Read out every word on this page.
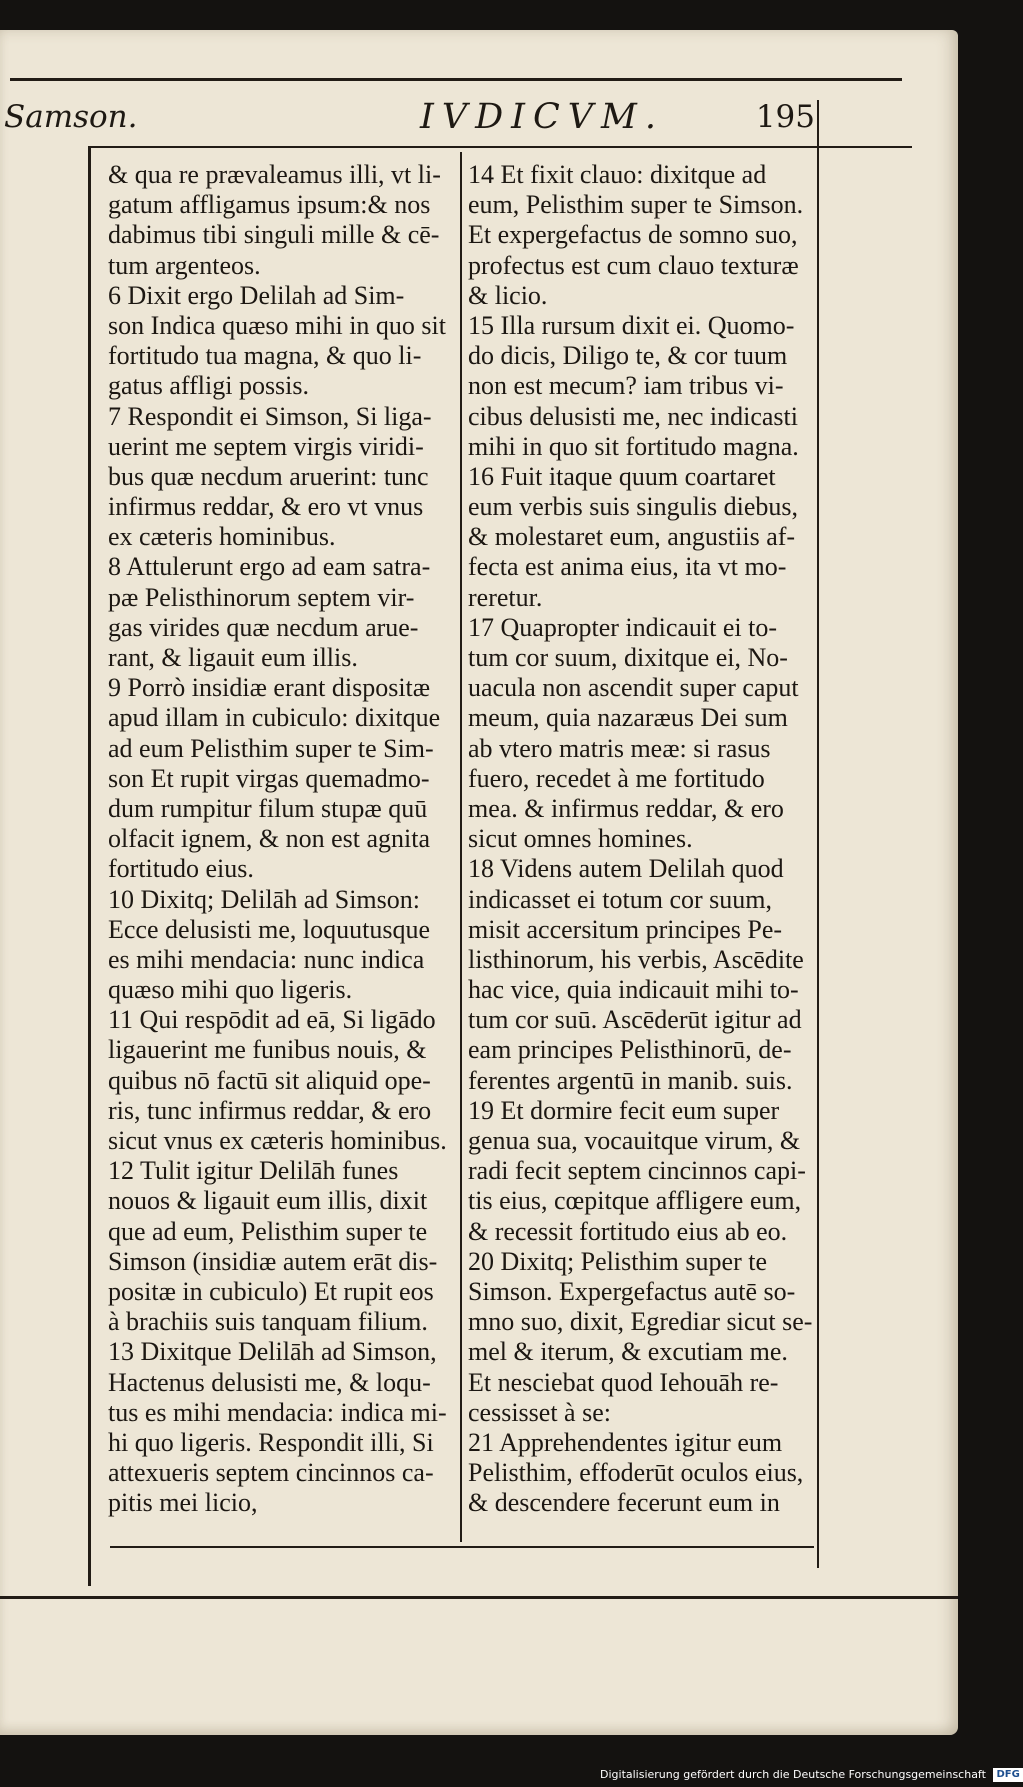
Samson.	IVDICVM.	195
& qua re prævaleamus illi, vt li-
gatum affligamus ipsum:& nos
dabimus tibi singuli mille & cē-
tum argenteos.
6 Dixit ergo Delilah ad Sim-
son Indica quæso mihi in quo sit
fortitudo tua magna, & quo li-
gatus affligi possis.
7 Respondit ei Simson, Si liga-
uerint me septem virgis viridi-
bus quæ necdum aruerint: tunc
infirmus reddar, & ero vt vnus
ex cæteris hominibus.
8 Attulerunt ergo ad eam satra-
pæ Pelisthinorum septem vir-
gas virides quæ necdum arue-
rant, & ligauit eum illis.
9 Porrò insidiæ erant dispositæ
apud illam in cubiculo: dixitque
ad eum Pelisthim super te Sim-
son Et rupit virgas quemadmo-
dum rumpitur filum stupæ quū
olfacit ignem, & non est agnita
fortitudo eius.
10 Dixitq; Delilāh ad Simson:
Ecce delusisti me, loquutusque
es mihi mendacia: nunc indica
quæso mihi quo ligeris.
11 Qui respōdit ad eā, Si ligādo
ligauerint me funibus nouis, &
quibus nō factū sit aliquid ope-
ris, tunc infirmus reddar, & ero
sicut vnus ex cæteris hominibus.
12 Tulit igitur Delilāh funes
nouos & ligauit eum illis, dixit
que ad eum, Pelisthim super te
Simson (insidiæ autem erāt dis-
positæ in cubiculo) Et rupit eos
à brachiis suis tanquam filium.
13 Dixitque Delilāh ad Simson,
Hactenus delusisti me, & loqu-
tus es mihi mendacia: indica mi-
hi quo ligeris. Respondit illi, Si
attexueris septem cincinnos ca-
pitis mei licio,
14 Et fixit clauo: dixitque ad
eum, Pelisthim super te Simson.
Et expergefactus de somno suo,
profectus est cum clauo texturæ
& licio.
15 Illa rursum dixit ei. Quomo-
do dicis, Diligo te, & cor tuum
non est mecum? iam tribus vi-
cibus delusisti me, nec indicasti
mihi in quo sit fortitudo magna.
16 Fuit itaque quum coartaret
eum verbis suis singulis diebus,
& molestaret eum, angustiis af-
fecta est anima eius, ita vt mo-
reretur.
17 Quapropter indicauit ei to-
tum cor suum, dixitque ei, No-
uacula non ascendit super caput
meum, quia nazaræus Dei sum
ab vtero matris meæ: si rasus
fuero, recedet à me fortitudo
mea. & infirmus reddar, & ero
sicut omnes homines.
18 Videns autem Delilah quod
indicasset ei totum cor suum,
misit accersitum principes Pe-
listhinorum, his verbis, Ascēdite
hac vice, quia indicauit mihi to-
tum cor suū. Ascēderūt igitur ad
eam principes Pelisthinorū, de-
ferentes argentū in manib. suis.
19 Et dormire fecit eum super
genua sua, vocauitque virum, &
radi fecit septem cincinnos capi-
tis eius, cœpitque affligere eum,
& recessit fortitudo eius ab eo.
20 Dixitq; Pelisthim super te
Simson. Expergefactus autē so-
mno suo, dixit, Egrediar sicut se-
mel & iterum, & excutiam me.
Et nesciebat quod Iehouāh re-
cessisset à se:
21 Apprehendentes igitur eum
Pelisthim, effoderūt oculos eius,
& descendere fecerunt eum in
Digitalisierung gefördert durch die Deutsche Forschungsgemeinschaft DFG
